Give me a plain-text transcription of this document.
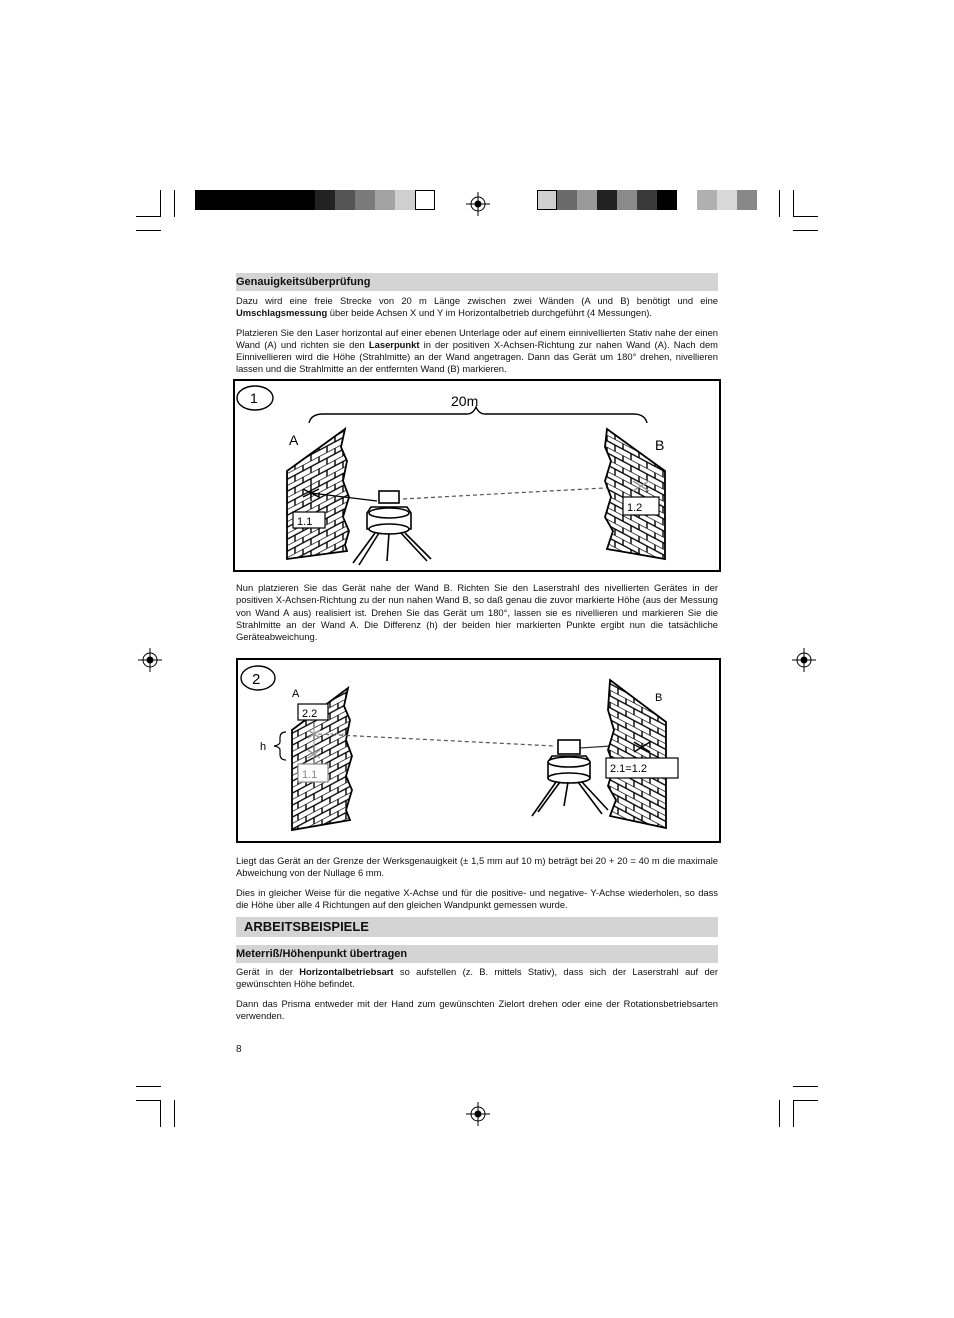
Genauigkeitsüberprüfung

Dazu wird eine freie Strecke von 20 m Länge zwischen zwei Wänden (A und B) benötigt und eine Umschlagsmessung über beide Achsen X und Y im Horizontalbetrieb durchgeführt (4 Messungen).

Platzieren Sie den Laser horizontal auf einer ebenen Unterlage oder auf einem einnivellierten Stativ nahe der einen Wand (A) und richten sie den Laserpunkt in der positiven X-Achsen-Richtung zur nahen Wand (A). Nach dem Einnivellieren wird die Höhe (Strahlmitte) an der Wand angetragen. Dann das Gerät um 180° drehen, nivellieren lassen und die Strahlmitte an der entfernten Wand (B) markieren.

1	20m
A
1.1
B
1.2

Nun platzieren Sie das Gerät nahe der Wand B. Richten Sie den Laserstrahl des nivellierten Gerätes in der positiven X-Achsen-Richtung zu der nun nahen Wand B, so daß genau die zuvor markierte Höhe (aus der Messung von Wand A aus) realisiert ist. Drehen Sie das Gerät um 180°, lassen sie es nivellieren und markieren Sie die Strahlmitte an der Wand A. Die Differenz (h) der beiden hier markierten Punkte ergibt nun die tatsächliche Geräteabweichung.

2
A
2.2
1.1
h
B
2.1=1.2

Liegt das Gerät an der Grenze der Werksgenauigkeit (± 1,5 mm auf 10 m) beträgt bei 20 + 20 = 40 m die maximale Abweichung von der Nullage 6 mm.

Dies in gleicher Weise für die negative X-Achse und für die positive- und negative- Y-Achse wiederholen, so dass die Höhe über alle 4 Richtungen auf den gleichen Wandpunkt gemessen wurde.

ARBEITSBEISPIELE
Meterriß/Höhenpunkt übertragen

Gerät in der Horizontalbetriebsart so aufstellen (z. B. mittels Stativ), dass sich der Laserstrahl auf der gewünschten Höhe befindet.

Dann das Prisma entweder mit der Hand zum gewünschten Zielort drehen oder eine der Rotationsbetriebsarten verwenden.

8
